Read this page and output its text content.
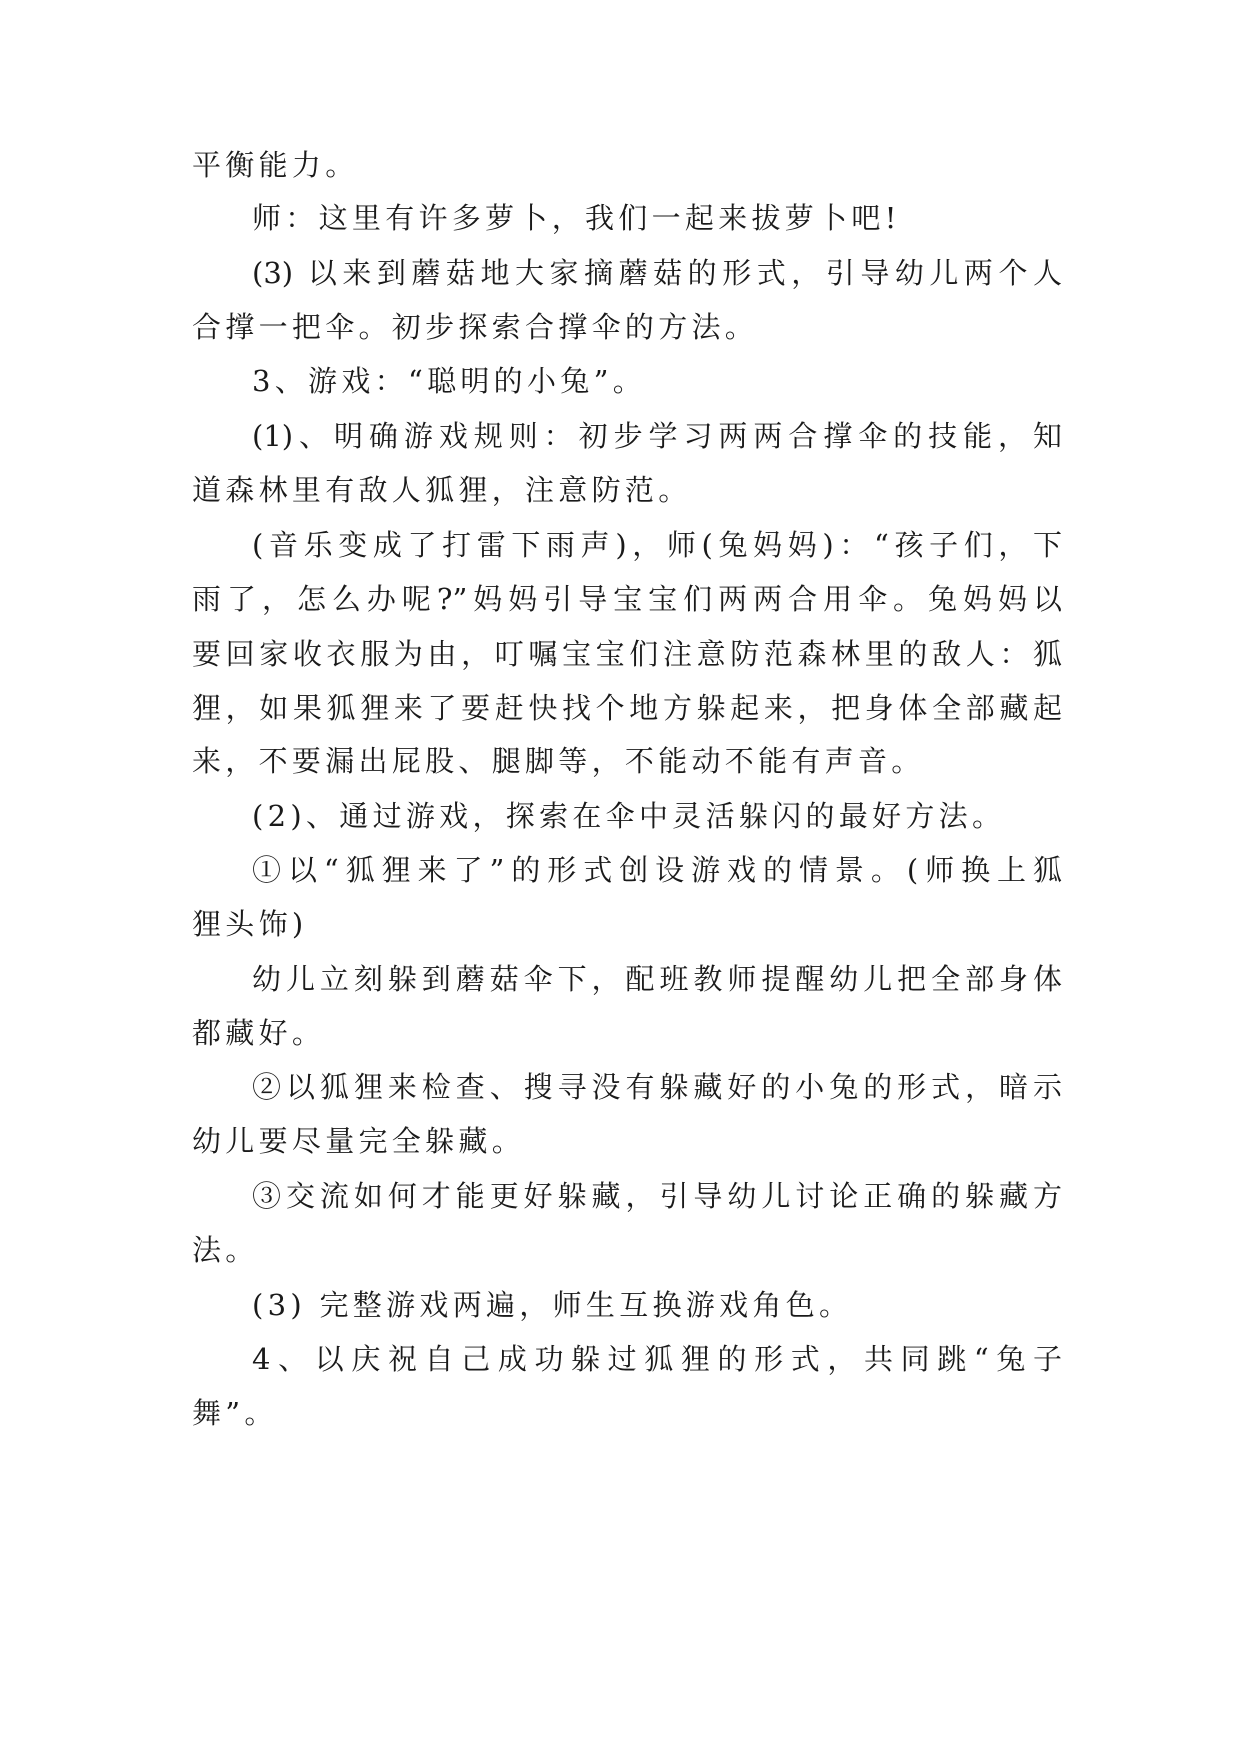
平衡能力。
师：这里有许多萝卜，我们一起来拔萝卜吧!
(3) 以来到蘑菇地大家摘蘑菇的形式，引导幼儿两个人
合撑一把伞。初步探索合撑伞的方法。
3、游戏：“聪明的小兔”。
(1)、明确游戏规则：初步学习两两合撑伞的技能，知
道森林里有敌人狐狸，注意防范。
(音乐变成了打雷下雨声)，师(兔妈妈)：“孩子们，下
雨了，怎么办呢?”妈妈引导宝宝们两两合用伞。兔妈妈以
要回家收衣服为由，叮嘱宝宝们注意防范森林里的敌人：狐
狸，如果狐狸来了要赶快找个地方躲起来，把身体全部藏起
来，不要漏出屁股、腿脚等，不能动不能有声音。
(2)、通过游戏，探索在伞中灵活躲闪的最好方法。
①以“狐狸来了”的形式创设游戏的情景。(师换上狐
狸头饰)
幼儿立刻躲到蘑菇伞下，配班教师提醒幼儿把全部身体
都藏好。
②以狐狸来检查、搜寻没有躲藏好的小兔的形式，暗示
幼儿要尽量完全躲藏。
③交流如何才能更好躲藏，引导幼儿讨论正确的躲藏方
法。
(3) 完整游戏两遍，师生互换游戏角色。
4、以庆祝自己成功躲过狐狸的形式，共同跳“兔子
舞”。
